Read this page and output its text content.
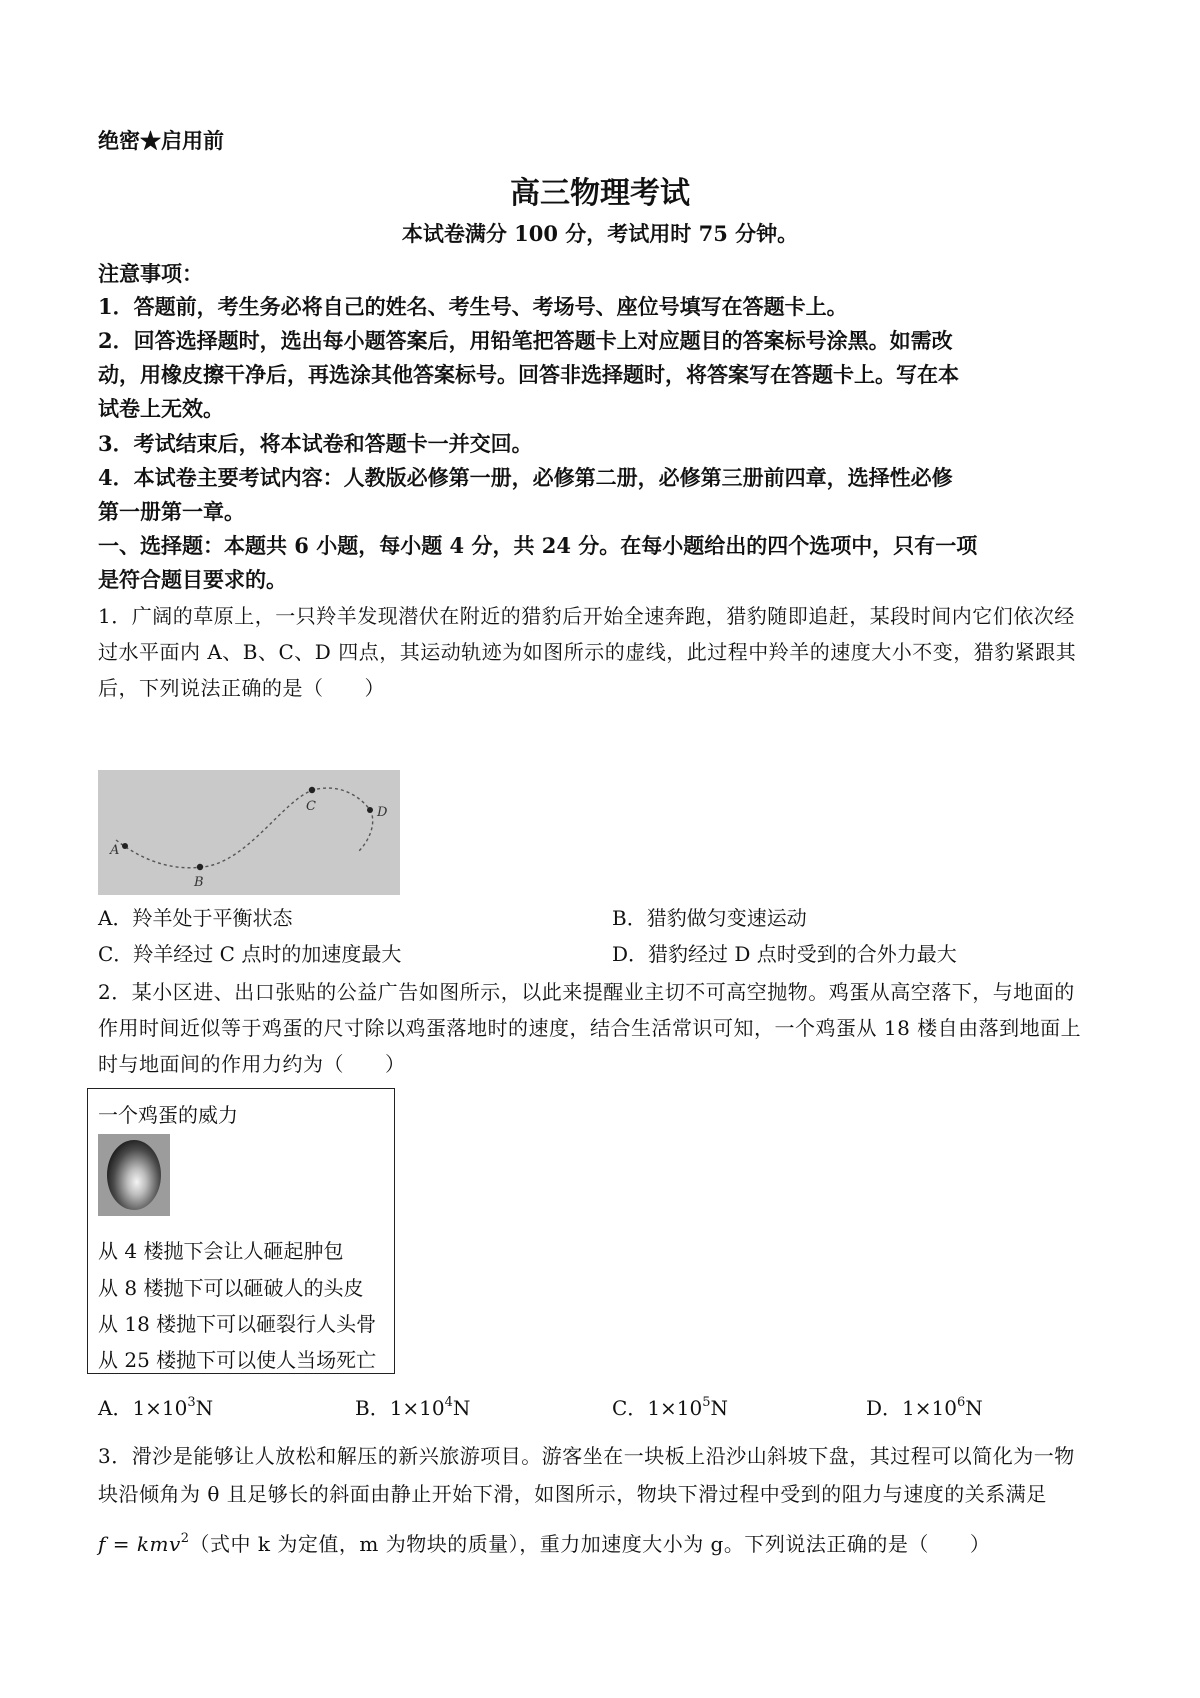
绝密★启用前
高三物理考试
本试卷满分 100 分，考试用时 75 分钟。
注意事项：
1．答题前，考生务必将自己的姓名、考生号、考场号、座位号填写在答题卡上。
2．回答选择题时，选出每小题答案后，用铅笔把答题卡上对应题目的答案标号涂黑。如需改
动，用橡皮擦干净后，再选涂其他答案标号。回答非选择题时，将答案写在答题卡上。写在本
试卷上无效。
3．考试结束后，将本试卷和答题卡一并交回。
4．本试卷主要考试内容：人教版必修第一册，必修第二册，必修第三册前四章，选择性必修
第一册第一章。
一、选择题：本题共 6 小题，每小题 4 分，共 24 分。在每小题给出的四个选项中，只有一项
是符合题目要求的。
1．广阔的草原上，一只羚羊发现潜伏在附近的猎豹后开始全速奔跑，猎豹随即追赶，某段时间内它们依次经
过水平面内 A、B、C、D 四点，其运动轨迹为如图所示的虚线，此过程中羚羊的速度大小不变，猎豹紧跟其
后，下列说法正确的是（　　）
A
B
C	D
A．羚羊处于平衡状态	B．猎豹做匀变速运动
C．羚羊经过 C 点时的加速度最大	D．猎豹经过 D 点时受到的合外力最大
2．某小区进、出口张贴的公益广告如图所示，以此来提醒业主切不可高空抛物。鸡蛋从高空落下，与地面的
作用时间近似等于鸡蛋的尺寸除以鸡蛋落地时的速度，结合生活常识可知，一个鸡蛋从 18 楼自由落到地面上
时与地面间的作用力约为（　　）
一个鸡蛋的威力
从 4 楼抛下会让人砸起肿包
从 8 楼抛下可以砸破人的头皮
从 18 楼抛下可以砸裂行人头骨
从 25 楼抛下可以使人当场死亡
A．$1\times 10^3N$	B．$1\times 10^4N$	C．$1\times 10^5N$	D．$1\times 10^6N$
3．滑沙是能够让人放松和解压的新兴旅游项目。游客坐在一块板上沿沙山斜坡下盘，其过程可以简化为一物
块沿倾角为 θ 且足够长的斜面由静止开始下滑，如图所示，物块下滑过程中受到的阻力与速度的关系满足
f = kmv$^2$（式中 k 为定值，m 为物块的质量），重力加速度大小为 g。下列说法正确的是（　　）
